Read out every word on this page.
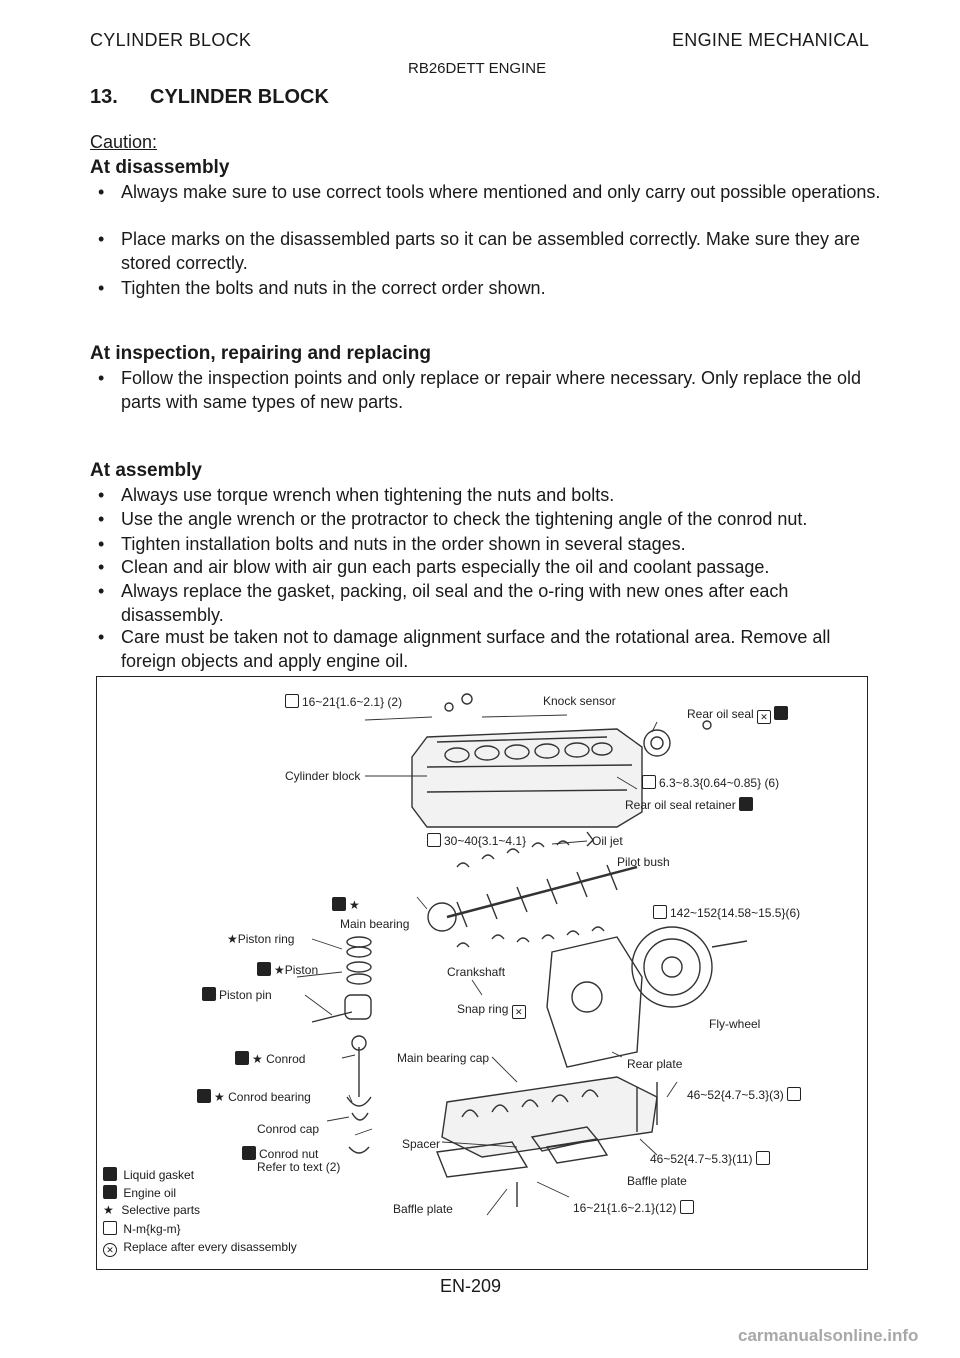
CYLINDER BLOCK	ENGINE MECHANICAL
RB26DETT ENGINE
13. CYLINDER BLOCK
Caution:
At disassembly
• Always make sure to use correct tools where mentioned and only carry out possible operations.
• Place marks on the disassembled parts so it can be assembled correctly. Make sure they are stored correctly.
• Tighten the bolts and nuts in the correct order shown.
At inspection, repairing and replacing
• Follow the inspection points and only replace or repair where necessary. Only replace the old parts with same types of new parts.
At assembly
• Always use torque wrench when tightening the nuts and bolts.
• Use the angle wrench or the protractor to check the tightening angle of the conrod nut.
• Tighten installation bolts and nuts in the order shown in several stages.
• Clean and air blow with air gun each parts especially the oil and coolant passage.
• Always replace the gasket, packing, oil seal and the o-ring with new ones after each disassembly.
• Care must be taken not to damage alignment surface and the rotational area. Remove all foreign objects and apply engine oil.
16~21{1.6~2.1} (2)	Knock sensor
Rear oil seal ✕
Cylinder block	6.3~8.3{0.64~0.85} (6)
Rear oil seal retainer
30~40{3.1~4.1}	Oil jet
Pilot bush
142~152{14.58~15.5}(6)
★
Main bearing
★Piston ring
★Piston
Piston pin
Crankshaft
Snap ring ✕
Fly-wheel
★ Conrod	Main bearing cap	Rear plate
★ Conrod bearing	46~52{4.7~5.3}(3)
Conrod cap
Conrod nut
Refer to text (2)
Spacer
46~52{4.7~5.3}(11)
Baffle plate
Baffle plate	16~21{1.6~2.1}(12)
Liquid gasket
Engine oil
★ Selective parts
N-m{kg-m}
✕ Replace after every disassembly
EN-209
carmanualsonline.info
